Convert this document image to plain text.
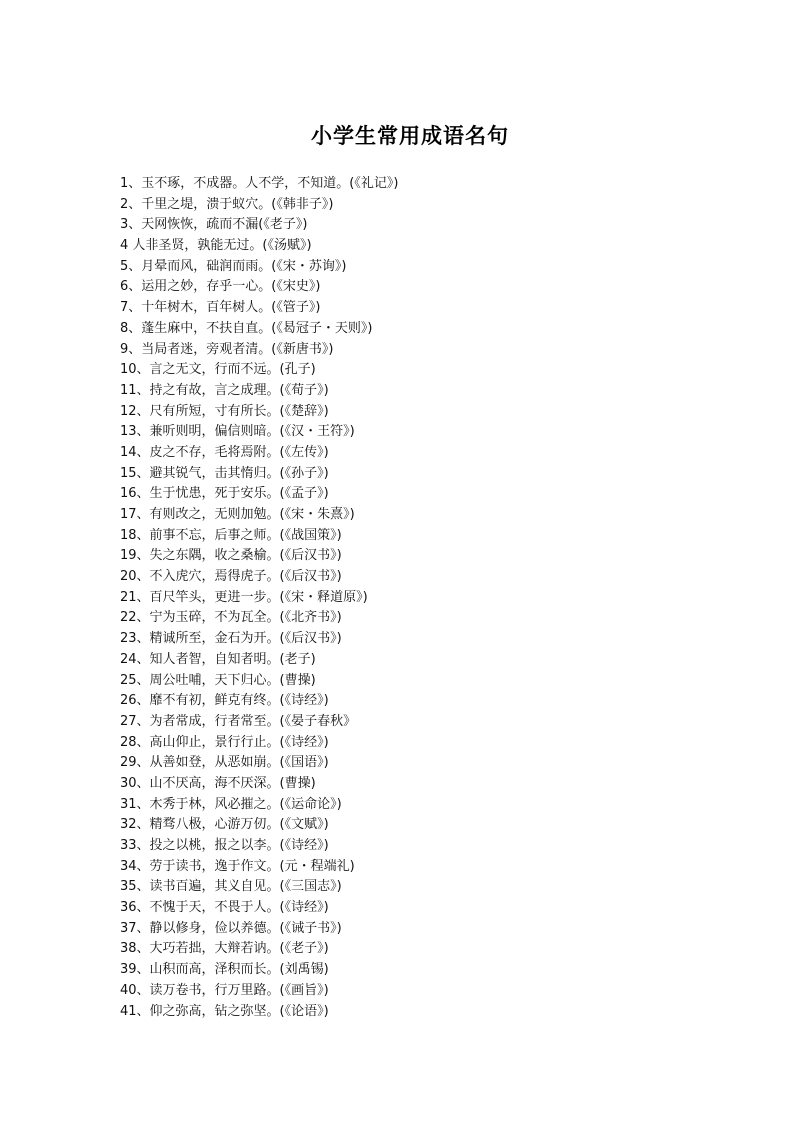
小学生常用成语名句
1、玉不琢，不成器。人不学，不知道。(《礼记》)
2、千里之堤，溃于蚁穴。(《韩非子》)
3、天网恢恢，疏而不漏(《老子》)
4 人非圣贤，孰能无过。(《汤赋》)
5、月晕而风，础润而雨。(《宋・苏询》)
6、运用之妙，存乎一心。(《宋史》)
7、十年树木，百年树人。(《管子》)
8、蓬生麻中，不扶自直。(《曷冠子・天则》)
9、当局者迷，旁观者清。(《新唐书》)
10、言之无文，行而不远。(孔子)
11、持之有故，言之成理。(《荀子》)
12、尺有所短，寸有所长。(《楚辞》)
13、兼听则明，偏信则暗。(《汉・王符》)
14、皮之不存，毛将焉附。(《左传》)
15、避其锐气，击其惰归。(《孙子》)
16、生于忧患，死于安乐。(《孟子》)
17、有则改之，无则加勉。(《宋・朱熹》)
18、前事不忘，后事之师。(《战国策》)
19、失之东隅，收之桑榆。(《后汉书》)
20、不入虎穴，焉得虎子。(《后汉书》)
21、百尺竿头，更进一步。(《宋・释道原》)
22、宁为玉碎，不为瓦全。(《北齐书》)
23、精诚所至，金石为开。(《后汉书》)
24、知人者智，自知者明。(老子)
25、周公吐哺，天下归心。(曹操)
26、靡不有初，鲜克有终。(《诗经》)
27、为者常成，行者常至。(《晏子春秋》
28、高山仰止，景行行止。(《诗经》)
29、从善如登，从恶如崩。(《国语》)
30、山不厌高，海不厌深。(曹操)
31、木秀于林，风必摧之。(《运命论》)
32、精骛八极，心游万仞。(《文赋》)
33、投之以桃，报之以李。(《诗经》)
34、劳于读书，逸于作文。(元・程端礼)
35、读书百遍，其义自见。(《三国志》)
36、不愧于天，不畏于人。(《诗经》)
37、静以修身，俭以养德。(《诫子书》)
38、大巧若拙，大辩若讷。(《老子》)
39、山积而高，泽积而长。(刘禹锡)
40、读万卷书，行万里路。(《画旨》)
41、仰之弥高，钻之弥坚。(《论语》)
